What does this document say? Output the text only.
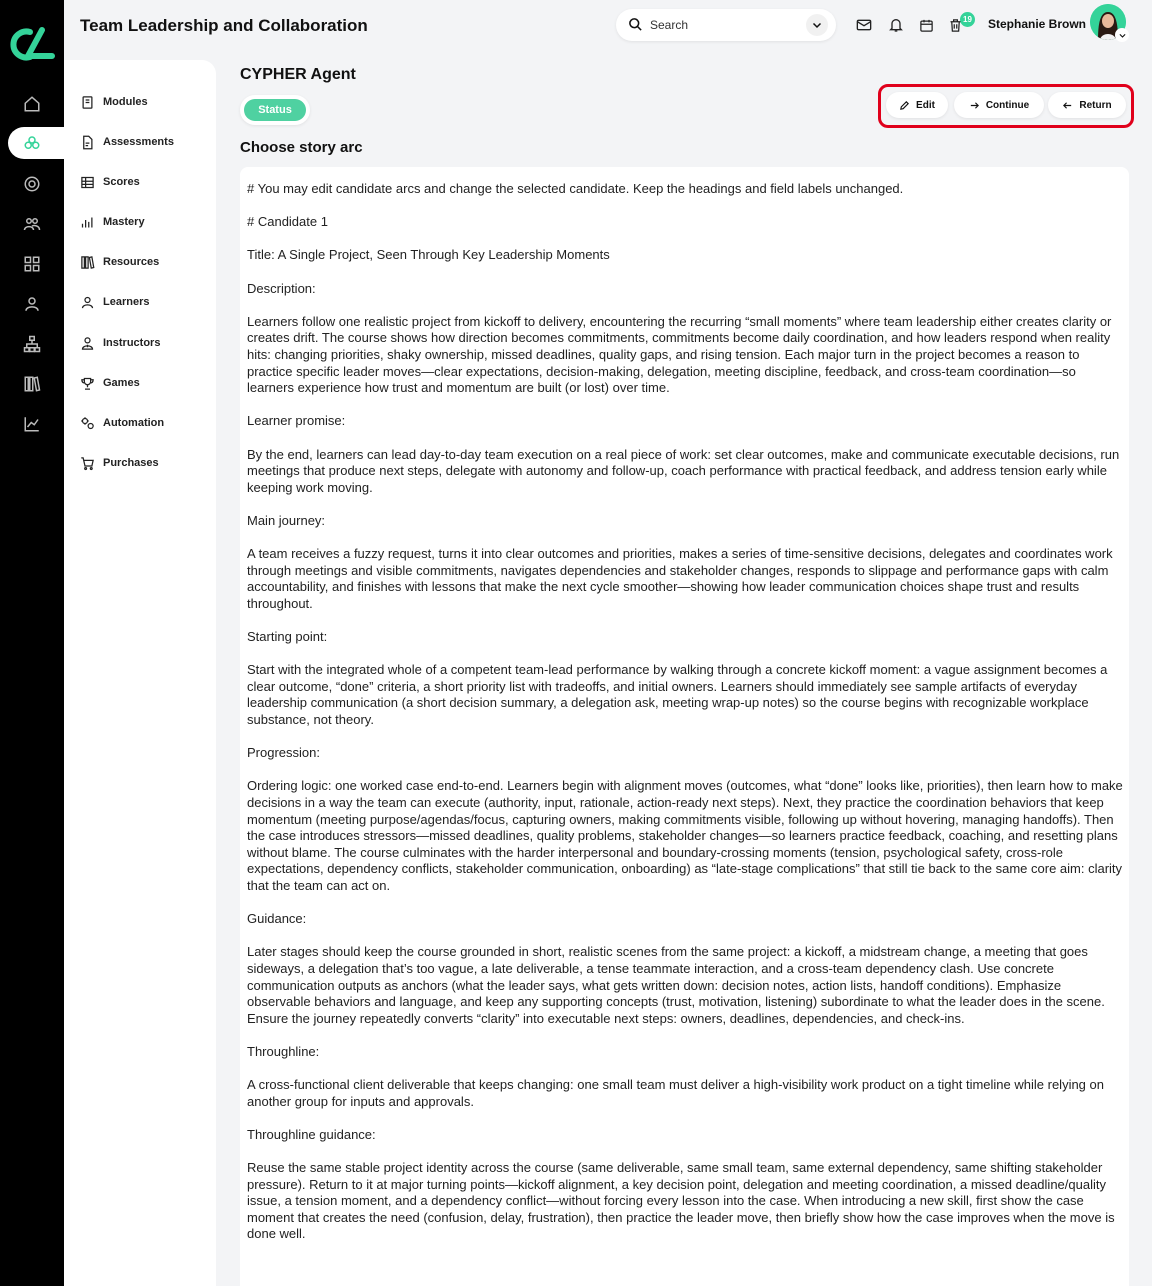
Team Leadership and Collaboration
Search	19 Stephanie Brown
Modules
Assessments
Scores
Mastery
Resources
Learners
Instructors
Games
Automation
Purchases
CYPHER Agent
Status	Edit	Continue	Return
Choose story arc
# You may edit candidate arcs and change the selected candidate. Keep the headings and field labels unchanged.

# Candidate 1

Title: A Single Project, Seen Through Key Leadership Moments

Description:

Learners follow one realistic project from kickoff to delivery, encountering the recurring “small moments” where team leadership either creates clarity or creates drift. The course shows how direction becomes commitments, commitments become daily coordination, and how leaders respond when reality hits: changing priorities, shaky ownership, missed deadlines, quality gaps, and rising tension. Each major turn in the project becomes a reason to practice specific leader moves—clear expectations, decision-making, delegation, meeting discipline, feedback, and cross-team coordination—so learners experience how trust and momentum are built (or lost) over time.

Learner promise:

By the end, learners can lead day-to-day team execution on a real piece of work: set clear outcomes, make and communicate executable decisions, run meetings that produce next steps, delegate with autonomy and follow-up, coach performance with practical feedback, and address tension early while keeping work moving.

Main journey:

A team receives a fuzzy request, turns it into clear outcomes and priorities, makes a series of time-sensitive decisions, delegates and coordinates work through meetings and visible commitments, navigates dependencies and stakeholder changes, responds to slippage and performance gaps with calm accountability, and finishes with lessons that make the next cycle smoother—showing how leader communication choices shape trust and results throughout.

Starting point:

Start with the integrated whole of a competent team-lead performance by walking through a concrete kickoff moment: a vague assignment becomes a clear outcome, “done” criteria, a short priority list with tradeoffs, and initial owners. Learners should immediately see sample artifacts of everyday leadership communication (a short decision summary, a delegation ask, meeting wrap-up notes) so the course begins with recognizable workplace substance, not theory.

Progression:

Ordering logic: one worked case end-to-end. Learners begin with alignment moves (outcomes, what “done” looks like, priorities), then learn how to make decisions in a way the team can execute (authority, input, rationale, action-ready next steps). Next, they practice the coordination behaviors that keep momentum (meeting purpose/agendas/focus, capturing owners, making commitments visible, following up without hovering, managing handoffs). Then the case introduces stressors—missed deadlines, quality problems, stakeholder changes—so learners practice feedback, coaching, and resetting plans without blame. The course culminates with the harder interpersonal and boundary-crossing moments (tension, psychological safety, cross-role expectations, dependency conflicts, stakeholder communication, onboarding) as “late-stage complications” that still tie back to the same core aim: clarity that the team can act on.

Guidance:

Later stages should keep the course grounded in short, realistic scenes from the same project: a kickoff, a midstream change, a meeting that goes sideways, a delegation that’s too vague, a late deliverable, a tense teammate interaction, and a cross-team dependency clash. Use concrete communication outputs as anchors (what the leader says, what gets written down: decision notes, action lists, handoff conditions). Emphasize observable behaviors and language, and keep any supporting concepts (trust, motivation, listening) subordinate to what the leader does in the scene. Ensure the journey repeatedly converts “clarity” into executable next steps: owners, deadlines, dependencies, and check-ins.

Throughline:

A cross-functional client deliverable that keeps changing: one small team must deliver a high-visibility work product on a tight timeline while relying on another group for inputs and approvals.

Throughline guidance:

Reuse the same stable project identity across the course (same deliverable, same small team, same external dependency, same shifting stakeholder pressure). Return to it at major turning points—kickoff alignment, a key decision point, delegation and meeting coordination, a missed deadline/quality issue, a tension moment, and a dependency conflict—without forcing every lesson into the case. When introducing a new skill, first show the case moment that creates the need (confusion, delay, frustration), then practice the leader move, then briefly show how the case improves when the move is done well.
